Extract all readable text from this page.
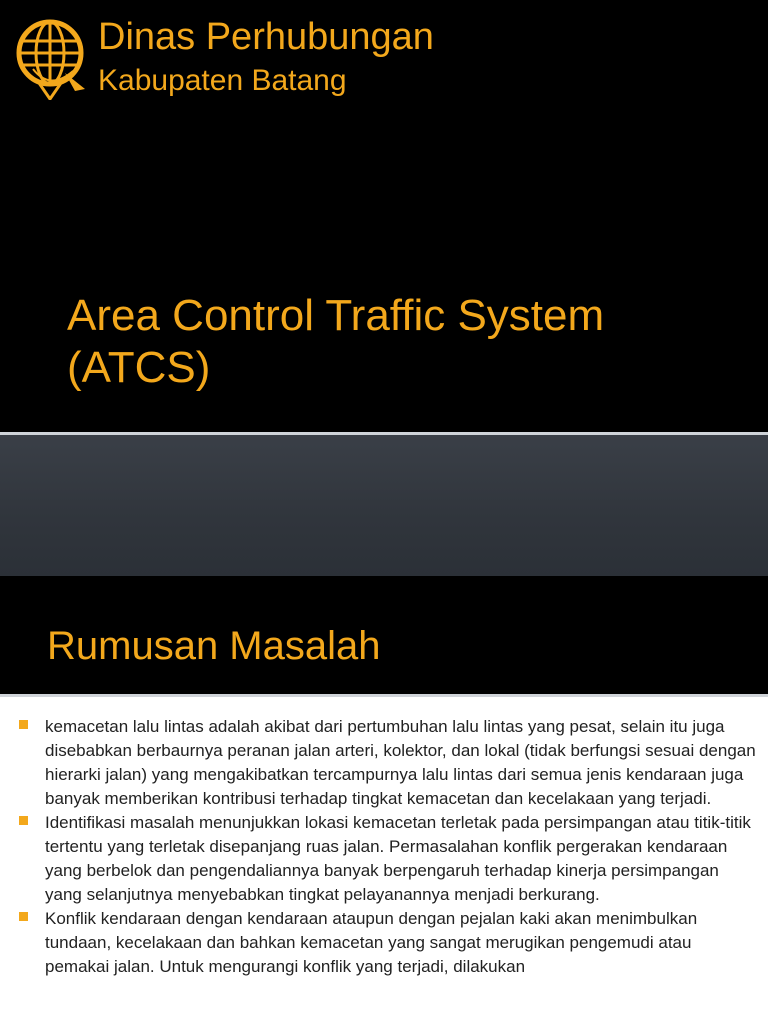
Dinas Perhubungan
Kabupaten Batang
Area Control Traffic System (ATCS)
Rumusan Masalah
kemacetan lalu lintas adalah akibat dari pertumbuhan lalu lintas yang pesat, selain itu juga disebabkan berbaurnya peranan jalan arteri, kolektor, dan lokal (tidak berfungsi sesuai dengan hierarki jalan) yang mengakibatkan tercampurnya lalu lintas dari semua jenis kendaraan juga banyak memberikan kontribusi terhadap tingkat kemacetan dan kecelakaan yang terjadi.
Identifikasi masalah menunjukkan lokasi kemacetan terletak pada persimpangan atau titik-titik tertentu yang terletak disepanjang ruas jalan. Permasalahan konflik pergerakan kendaraan yang berbelok dan pengendaliannya banyak berpengaruh terhadap kinerja persimpangan yang selanjutnya menyebabkan tingkat pelayanannya menjadi berkurang.
Konflik kendaraan dengan kendaraan ataupun dengan pejalan kaki akan menimbulkan tundaan, kecelakaan dan bahkan kemacetan yang sangat merugikan pengemudi atau pemakai jalan. Untuk mengurangi konflik yang terjadi, dilakukan
